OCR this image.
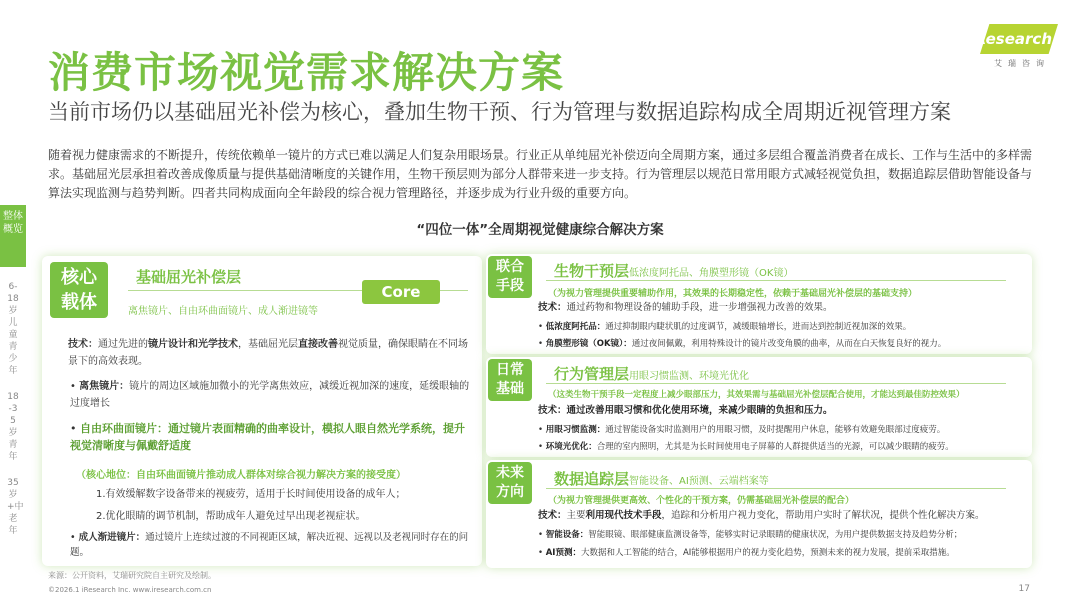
消费市场视觉需求解决方案
当前市场仍以基础屈光补偿为核心，叠加生物干预、行为管理与数据追踪构成全周期近视管理方案
iResearch
艾瑞咨询
随着视力健康需求的不断提升，传统依赖单一镜片的方式已难以满足人们复杂用眼场景。行业正从单纯屈光补偿迈向全周期方案，通过多层组合覆盖消费者在成长、工作与生活中的多样需求。基础屈光层承担着改善成像质量与提供基础清晰度的关键作用，生物干预层则为部分人群带来进一步支持。行为管理层以规范日常用眼方式减轻视觉负担，数据追踪层借助智能设备与算法实现监测与趋势判断。四者共同构成面向全年龄段的综合视力管理路径，并逐步成为行业升级的重要方向。
“四位一体”全周期视觉健康综合解决方案
整体概览
6-18岁儿童青少年
18-35岁青年
35岁+中老年
核心载体
基础屈光补偿层
离焦镜片、自由环曲面镜片、成人渐进镜等
技术：通过先进的镜片设计和光学技术，基础屈光层直接改善视觉质量，确保眼睛在不同场景下的高效表现。
• 离焦镜片：镜片的周边区域施加微小的光学离焦效应，减缓近视加深的速度，延缓眼轴的过度增长
• 自由环曲面镜片：通过镜片表面精确的曲率设计，模拟人眼自然光学系统，提升视觉清晰度与佩戴舒适度
（核心地位：自由环曲面镜片推动成人群体对综合视力解决方案的接受度）
1.有效缓解数字设备带来的视疲劳，适用于长时间使用设备的成年人；
2.优化眼睛的调节机制，帮助成年人避免过早出现老视症状。
• 成人渐进镜片：通过镜片上连续过渡的不同视距区域，解决近视、远视以及老视同时存在的问题。
Core
联合手段
生物干预层低浓度阿托品、角膜塑形镜（OK镜）
（为视力管理提供重要辅助作用，其效果的长期稳定性，依赖于基础屈光补偿层的基础支持）
技术：通过药物和物理设备的辅助手段，进一步增强视力改善的效果。
• 低浓度阿托品：通过抑制眼内睫状肌的过度调节，减缓眼轴增长，进而达到控制近视加深的效果。
• 角膜塑形镜（OK镜）：通过夜间佩戴，利用特殊设计的镜片改变角膜的曲率，从而在白天恢复良好的视力。
日常基础
行为管理层用眼习惯监测、环境光优化
（这类生物干预手段一定程度上减少眼部压力，其效果需与基础屈光补偿层配合使用，才能达到最佳防控效果）
技术：通过改善用眼习惯和优化使用环境，来减少眼睛的负担和压力。
• 用眼习惯监测：通过智能设备实时监测用户的用眼习惯，及时提醒用户休息，能够有效避免眼部过度疲劳。
• 环境光优化：合理的室内照明，尤其是为长时间使用电子屏幕的人群提供适当的光源，可以减少眼睛的疲劳。
未来方向
数据追踪层智能设备、AI预测、云端档案等
（为视力管理提供更高效、个性化的干预方案，仍需基础屈光补偿层的配合）
技术：主要利用现代技术手段，追踪和分析用户视力变化，帮助用户实时了解状况，提供个性化解决方案。
• 智能设备：智能眼镜、眼部健康监测设备等，能够实时记录眼睛的健康状况，为用户提供数据支持及趋势分析；
• AI预测：大数据和人工智能的结合，AI能够根据用户的视力变化趋势，预测未来的视力发展，提前采取措施。
来源：公开资料，艾瑞研究院自主研究及绘制。
©2026.1 iResearch Inc. www.iresearch.com.cn	17
